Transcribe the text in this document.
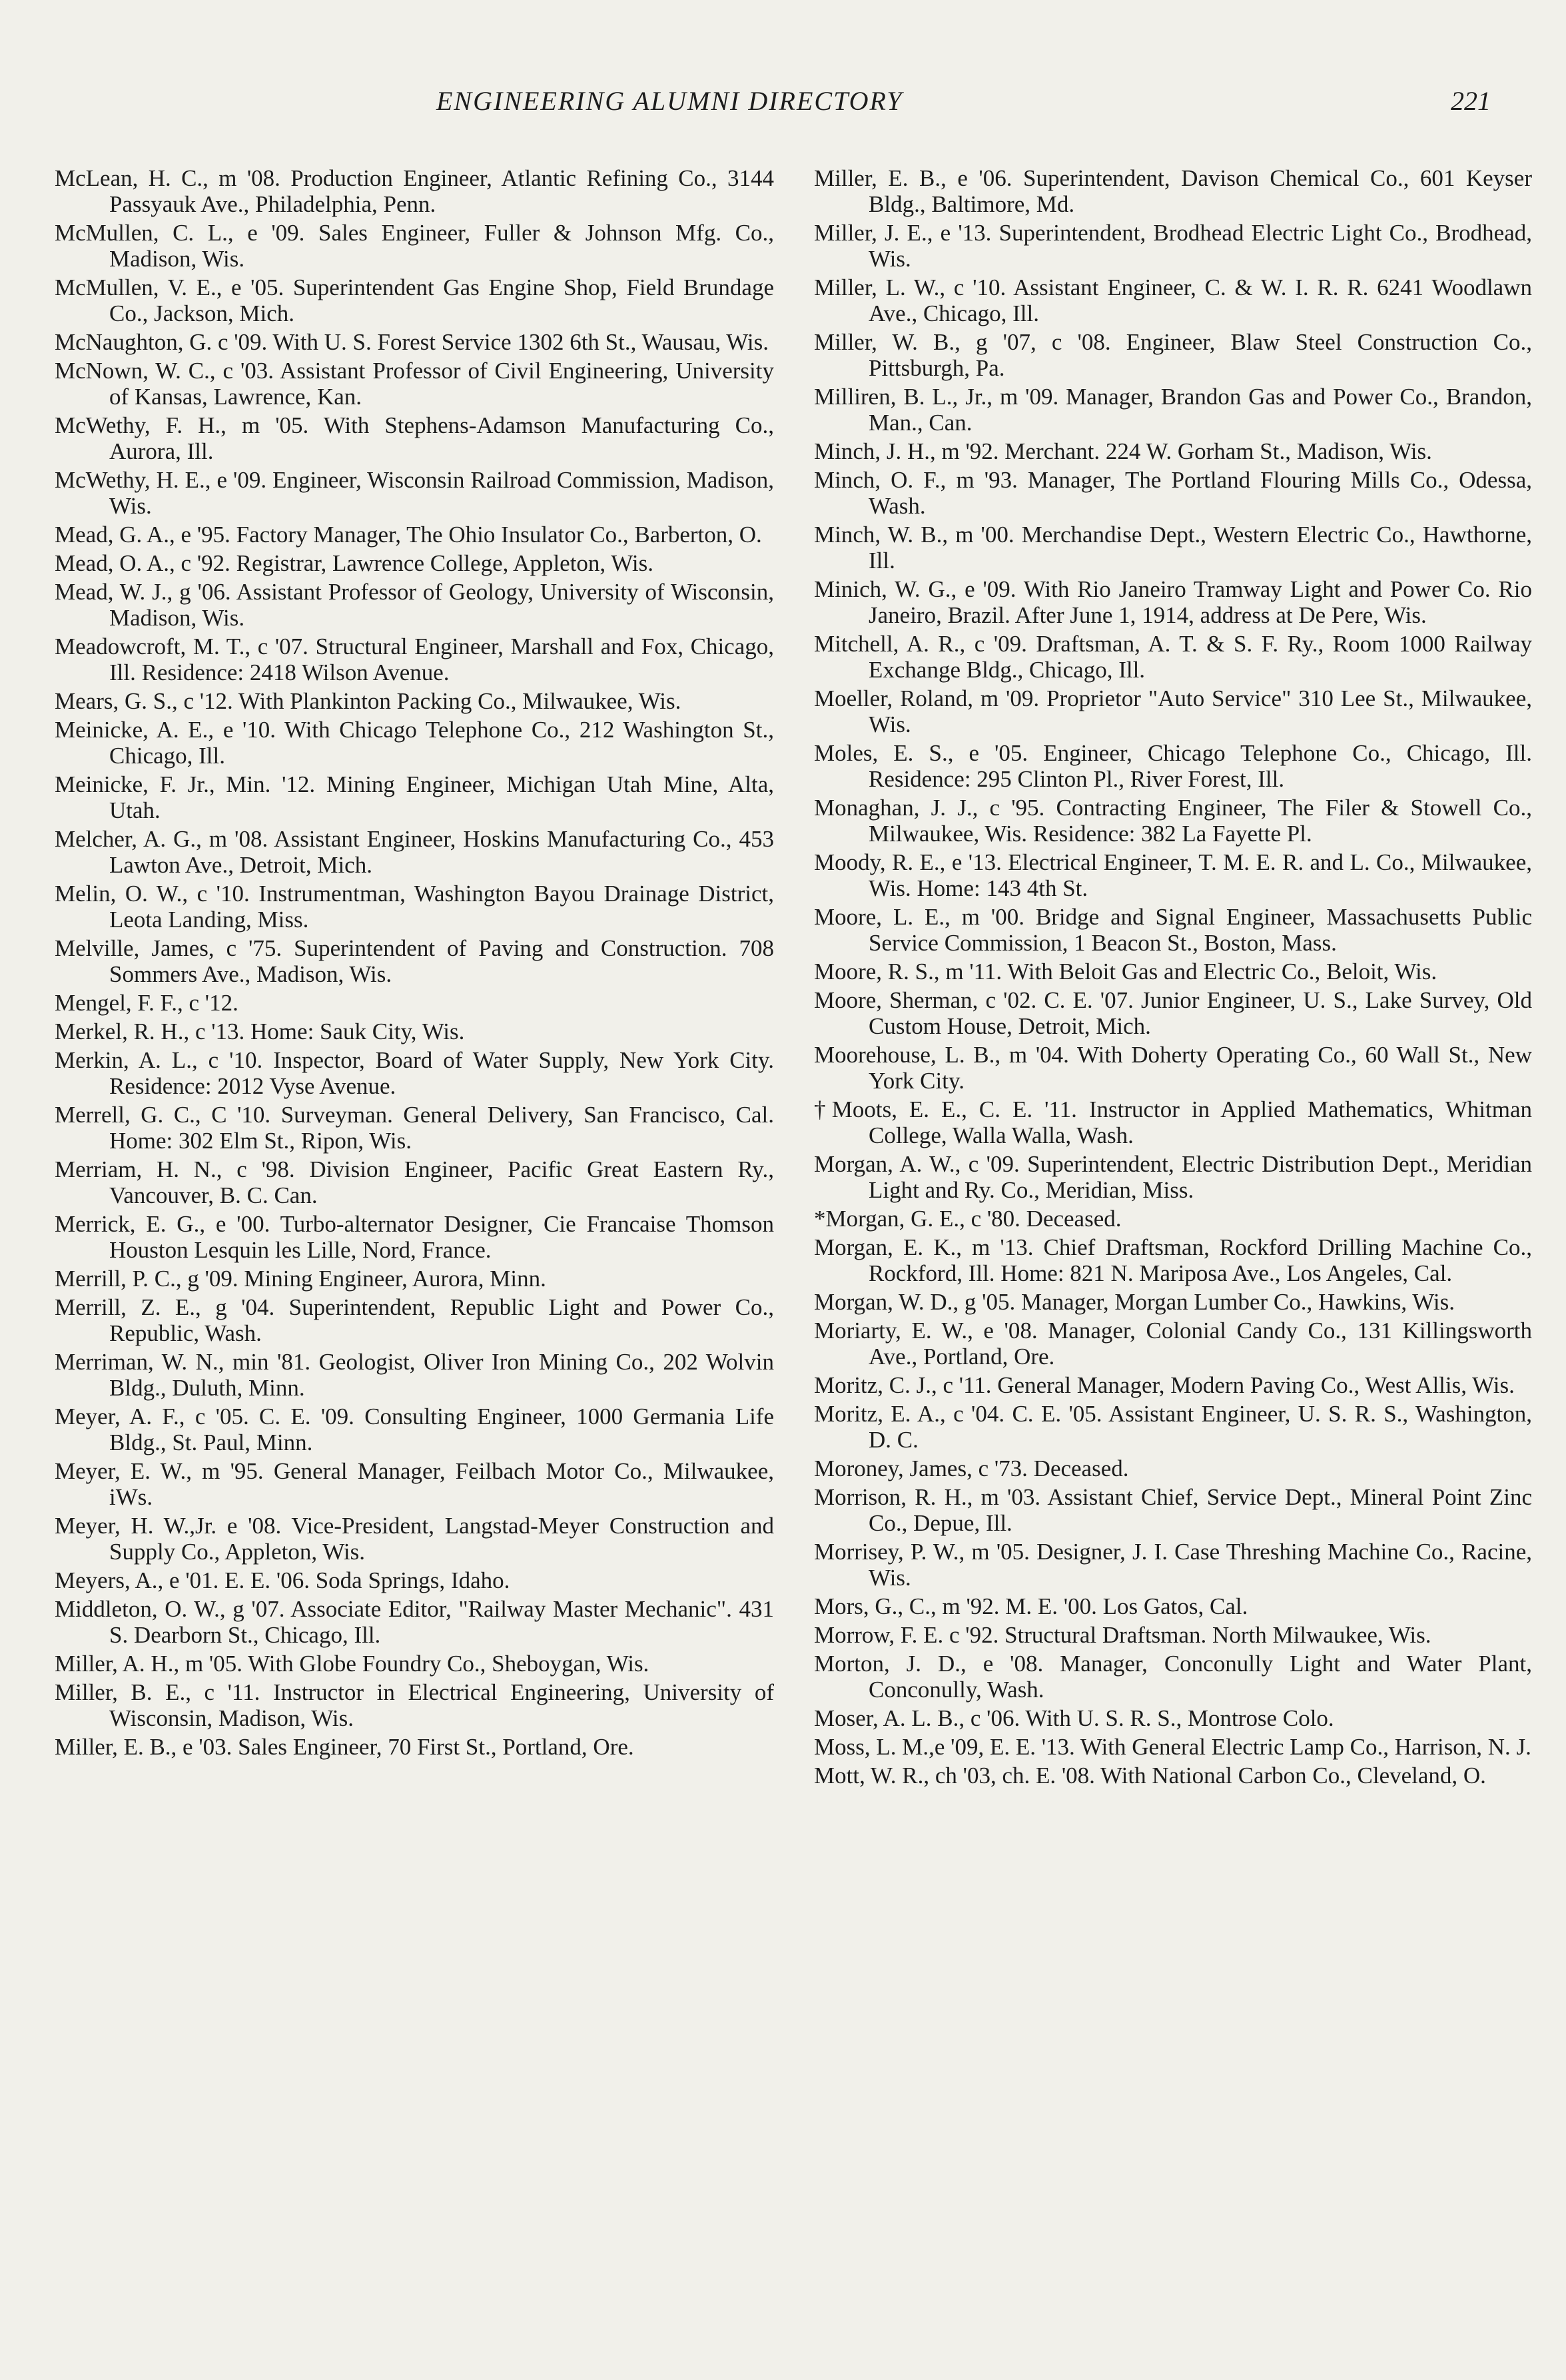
ENGINEERING ALUMNI DIRECTORY	221

McLean, H. C., m '08. Production Engineer, Atlantic Refining Co., 3144 Passyauk Ave., Philadelphia, Penn.

McMullen, C. L., e '09. Sales Engineer, Fuller & Johnson Mfg. Co., Madison, Wis.

McMullen, V. E., e '05. Superintendent Gas Engine Shop, Field Brundage Co., Jackson, Mich.

McNaughton, G. c '09. With U. S. Forest Service 1302 6th St., Wausau, Wis.

McNown, W. C., c '03. Assistant Professor of Civil Engineering, University of Kansas, Lawrence, Kan.

McWethy, F. H., m '05. With Stephens-Adamson Manufacturing Co., Aurora, Ill.

McWethy, H. E., e '09. Engineer, Wisconsin Railroad Commission, Madison, Wis.

Mead, G. A., e '95. Factory Manager, The Ohio Insulator Co., Barberton, O.

Mead, O. A., c '92. Registrar, Lawrence College, Appleton, Wis.

Mead, W. J., g '06. Assistant Professor of Geology, University of Wisconsin, Madison, Wis.

Meadowcroft, M. T., c '07. Structural Engineer, Marshall and Fox, Chicago, Ill. Residence: 2418 Wilson Avenue.

Mears, G. S., c '12. With Plankinton Packing Co., Milwaukee, Wis.

Meinicke, A. E., e '10. With Chicago Telephone Co., 212 Washington St., Chicago, Ill.

Meinicke, F. Jr., Min. '12. Mining Engineer, Michigan Utah Mine, Alta, Utah.

Melcher, A. G., m '08. Assistant Engineer, Hoskins Manufacturing Co., 453 Lawton Ave., Detroit, Mich.

Melin, O. W., c '10. Instrumentman, Washington Bayou Drainage District, Leota Landing, Miss.

Melville, James, c '75. Superintendent of Paving and Construction. 708 Sommers Ave., Madison, Wis.

Mengel, F. F., c '12.

Merkel, R. H., c '13. Home: Sauk City, Wis.

Merkin, A. L., c '10. Inspector, Board of Water Supply, New York City. Residence: 2012 Vyse Avenue.

Merrell, G. C., C '10. Surveyman. General Delivery, San Francisco, Cal. Home: 302 Elm St., Ripon, Wis.

Merriam, H. N., c '98. Division Engineer, Pacific Great Eastern Ry., Vancouver, B. C. Can.

Merrick, E. G., e '00. Turbo-alternator Designer, Cie Francaise Thomson Houston Lesquin les Lille, Nord, France.

Merrill, P. C., g '09. Mining Engineer, Aurora, Minn.

Merrill, Z. E., g '04. Superintendent, Republic Light and Power Co., Republic, Wash.

Merriman, W. N., min '81. Geologist, Oliver Iron Mining Co., 202 Wolvin Bldg., Duluth, Minn.

Meyer, A. F., c '05. C. E. '09. Consulting Engineer, 1000 Germania Life Bldg., St. Paul, Minn.

Meyer, E. W., m '95. General Manager, Feilbach Motor Co., Milwaukee, iWs.

Meyer, H. W.,Jr. e '08. Vice-President, Langstad-Meyer Construction and Supply Co., Appleton, Wis.

Meyers, A., e '01. E. E. '06. Soda Springs, Idaho.

Middleton, O. W., g '07. Associate Editor, "Railway Master Mechanic". 431 S. Dearborn St., Chicago, Ill.

Miller, A. H., m '05. With Globe Foundry Co., Sheboygan, Wis.

Miller, B. E., c '11. Instructor in Electrical Engineering, University of Wisconsin, Madison, Wis.

Miller, E. B., e '03. Sales Engineer, 70 First St., Portland, Ore.

Miller, E. B., e '06. Superintendent, Davison Chemical Co., 601 Keyser Bldg., Baltimore, Md.

Miller, J. E., e '13. Superintendent, Brodhead Electric Light Co., Brodhead, Wis.

Miller, L. W., c '10. Assistant Engineer, C. & W. I. R. R. 6241 Woodlawn Ave., Chicago, Ill.

Miller, W. B., g '07, c '08. Engineer, Blaw Steel Construction Co., Pittsburgh, Pa.

Milliren, B. L., Jr., m '09. Manager, Brandon Gas and Power Co., Brandon, Man., Can.

Minch, J. H., m '92. Merchant. 224 W. Gorham St., Madison, Wis.

Minch, O. F., m '93. Manager, The Portland Flouring Mills Co., Odessa, Wash.

Minch, W. B., m '00. Merchandise Dept., Western Electric Co., Hawthorne, Ill.

Minich, W. G., e '09. With Rio Janeiro Tramway Light and Power Co. Rio Janeiro, Brazil. After June 1, 1914, address at De Pere, Wis.

Mitchell, A. R., c '09. Draftsman, A. T. & S. F. Ry., Room 1000 Railway Exchange Bldg., Chicago, Ill.

Moeller, Roland, m '09. Proprietor "Auto Service" 310 Lee St., Milwaukee, Wis.

Moles, E. S., e '05. Engineer, Chicago Telephone Co., Chicago, Ill. Residence: 295 Clinton Pl., River Forest, Ill.

Monaghan, J. J., c '95. Contracting Engineer, The Filer & Stowell Co., Milwaukee, Wis. Residence: 382 La Fayette Pl.

Moody, R. E., e '13. Electrical Engineer, T. M. E. R. and L. Co., Milwaukee, Wis. Home: 143 4th St.

Moore, L. E., m '00. Bridge and Signal Engineer, Massachusetts Public Service Commission, 1 Beacon St., Boston, Mass.

Moore, R. S., m '11. With Beloit Gas and Electric Co., Beloit, Wis.

Moore, Sherman, c '02. C. E. '07. Junior Engineer, U. S., Lake Survey, Old Custom House, Detroit, Mich.

Moorehouse, L. B., m '04. With Doherty Operating Co., 60 Wall St., New York City.

†Moots, E. E., C. E. '11. Instructor in Applied Mathematics, Whitman College, Walla Walla, Wash.

Morgan, A. W., c '09. Superintendent, Electric Distribution Dept., Meridian Light and Ry. Co., Meridian, Miss.

*Morgan, G. E., c '80. Deceased.

Morgan, E. K., m '13. Chief Draftsman, Rockford Drilling Machine Co., Rockford, Ill. Home: 821 N. Mariposa Ave., Los Angeles, Cal.

Morgan, W. D., g '05. Manager, Morgan Lumber Co., Hawkins, Wis.

Moriarty, E. W., e '08. Manager, Colonial Candy Co., 131 Killingsworth Ave., Portland, Ore.

Moritz, C. J., c '11. General Manager, Modern Paving Co., West Allis, Wis.

Moritz, E. A., c '04. C. E. '05. Assistant Engineer, U. S. R. S., Washington, D. C.

Moroney, James, c '73. Deceased.

Morrison, R. H., m '03. Assistant Chief, Service Dept., Mineral Point Zinc Co., Depue, Ill.

Morrisey, P. W., m '05. Designer, J. I. Case Threshing Machine Co., Racine, Wis.

Mors, G., C., m '92. M. E. '00. Los Gatos, Cal.

Morrow, F. E. c '92. Structural Draftsman. North Milwaukee, Wis.

Morton, J. D., e '08. Manager, Conconully Light and Water Plant, Conconully, Wash.

Moser, A. L. B., c '06. With U. S. R. S., Montrose Colo.

Moss, L. M.,e '09, E. E. '13. With General Electric Lamp Co., Harrison, N. J.

Mott, W. R., ch '03, ch. E. '08. With National Carbon Co., Cleveland, O.
